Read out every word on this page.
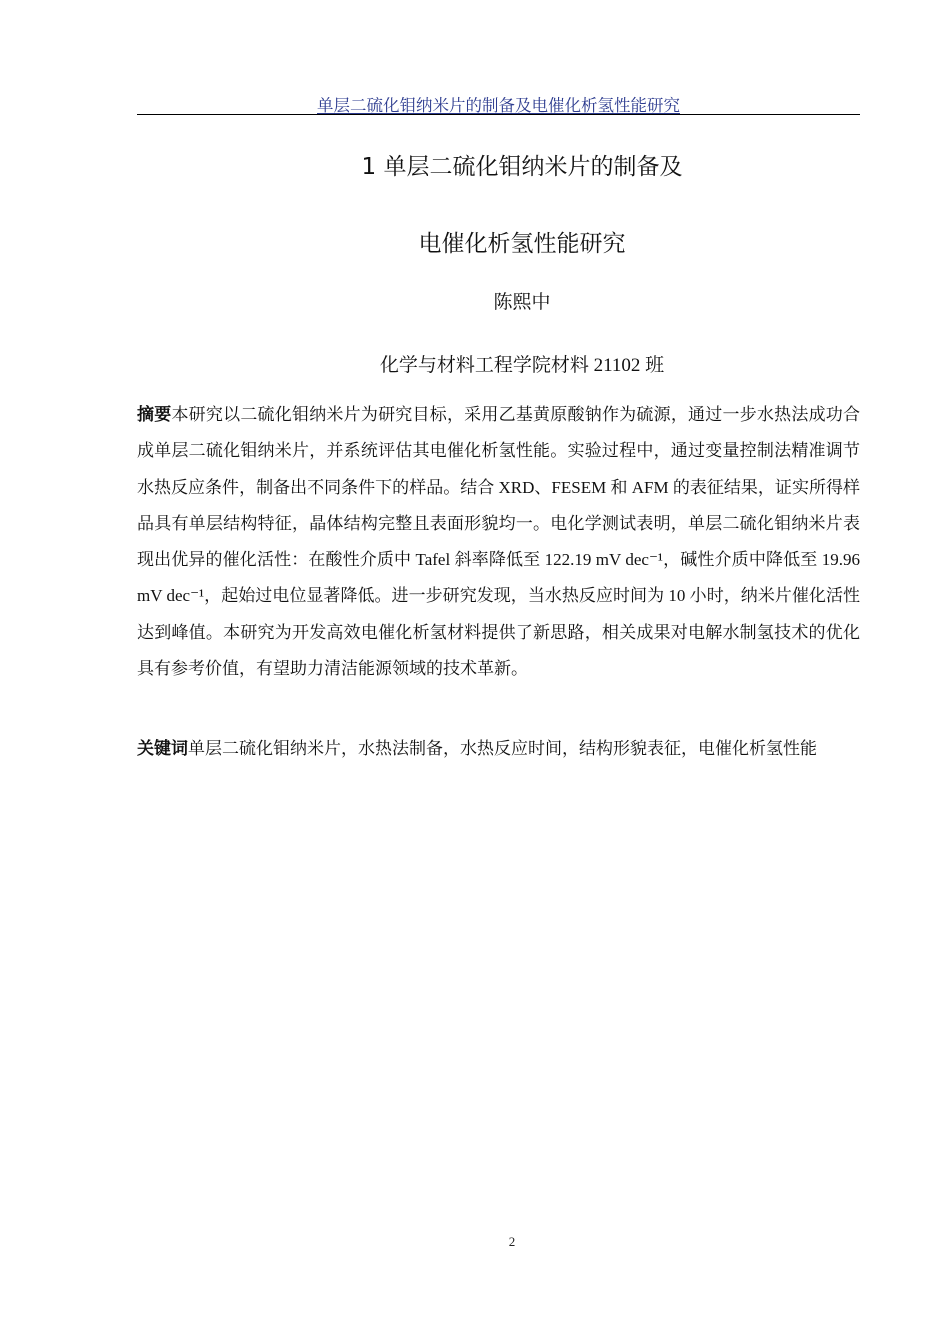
单层二硫化钼纳米片的制备及电催化析氢性能研究
1 单层二硫化钼纳米片的制备及
电催化析氢性能研究
陈熙中
化学与材料工程学院材料 21102 班

摘要本研究以二硫化钼纳米片为研究目标，采用乙基黄原酸钠作为硫源，通过一步水热法成功合成单层二硫化钼纳米片，并系统评估其电催化析氢性能。实验过程中，通过变量控制法精准调节水热反应条件，制备出不同条件下的样品。结合 XRD、FESEM 和 AFM 的表征结果，证实所得样品具有单层结构特征，晶体结构完整且表面形貌均一。电化学测试表明，单层二硫化钼纳米片表现出优异的催化活性：在酸性介质中 Tafel 斜率降低至 122.19 mV dec⁻¹，碱性介质中降低至 19.96 mV dec⁻¹，起始过电位显著降低。进一步研究发现，当水热反应时间为 10 小时，纳米片催化活性达到峰值。本研究为开发高效电催化析氢材料提供了新思路，相关成果对电解水制氢技术的优化具有参考价值，有望助力清洁能源领域的技术革新。

关键词单层二硫化钼纳米片，水热法制备，水热反应时间，结构形貌表征，电催化析氢性能

2
